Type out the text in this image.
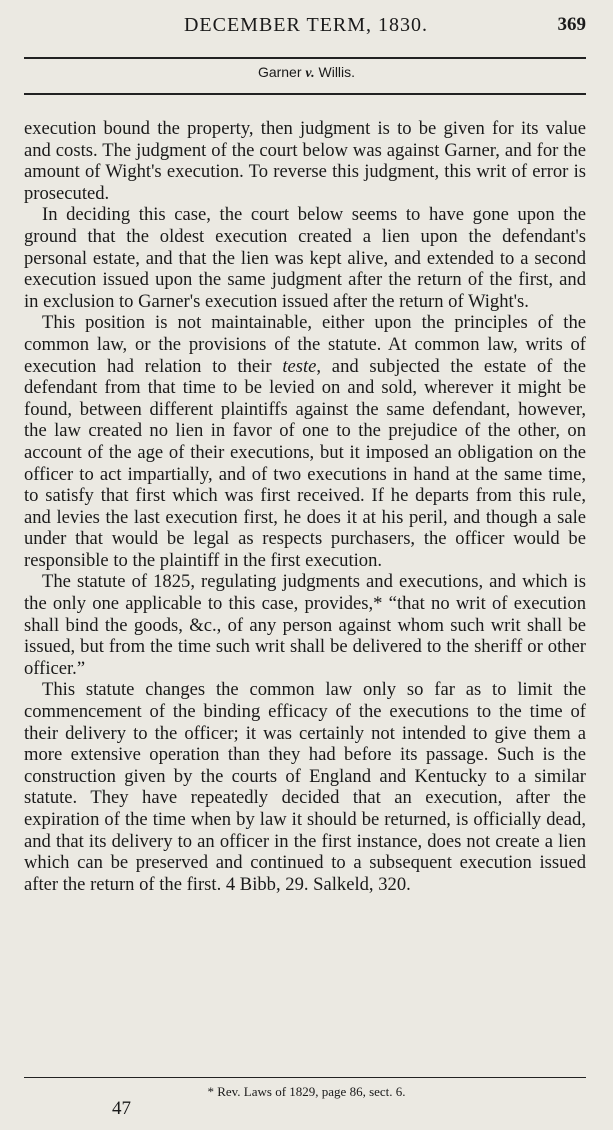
DECEMBER TERM, 1830.	369
Garner v. Willis.

execution bound the property, then judgment is to be given for its value and costs. The judgment of the court below was against Garner, and for the amount of Wight's execution. To reverse this judgment, this writ of error is prosecuted.

In deciding this case, the court below seems to have gone upon the ground that the oldest execution created a lien upon the defendant's personal estate, and that the lien was kept alive, and extended to a second execution issued upon the same judgment after the return of the first, and in exclusion to Garner's execution issued after the return of Wight's.

This position is not maintainable, either upon the principles of the common law, or the provisions of the statute. At common law, writs of execution had relation to their teste, and subjected the estate of the defendant from that time to be levied on and sold, wherever it might be found, between different plaintiffs against the same defendant, however, the law created no lien in favor of one to the prejudice of the other, on account of the age of their executions, but it imposed an obligation on the officer to act impartially, and of two executions in hand at the same time, to satisfy that first which was first received. If he departs from this rule, and levies the last execution first, he does it at his peril, and though a sale under that would be legal as respects purchasers, the officer would be responsible to the plaintiff in the first execution.

The statute of 1825, regulating judgments and executions, and which is the only one applicable to this case, provides,* “that no writ of execution shall bind the goods, &c., of any person against whom such writ shall be issued, but from the time such writ shall be delivered to the sheriff or other officer.”

This statute changes the common law only so far as to limit the commencement of the binding efficacy of the executions to the time of their delivery to the officer; it was certainly not intended to give them a more extensive operation than they had before its passage. Such is the construction given by the courts of England and Kentucky to a similar statute. They have repeatedly decided that an execution, after the expiration of the time when by law it should be returned, is officially dead, and that its delivery to an officer in the first instance, does not create a lien which can be preserved and continued to a subsequent execution issued after the return of the first. 4 Bibb, 29. Salkeld, 320.

* Rev. Laws of 1829, page 86, sect. 6.
47
